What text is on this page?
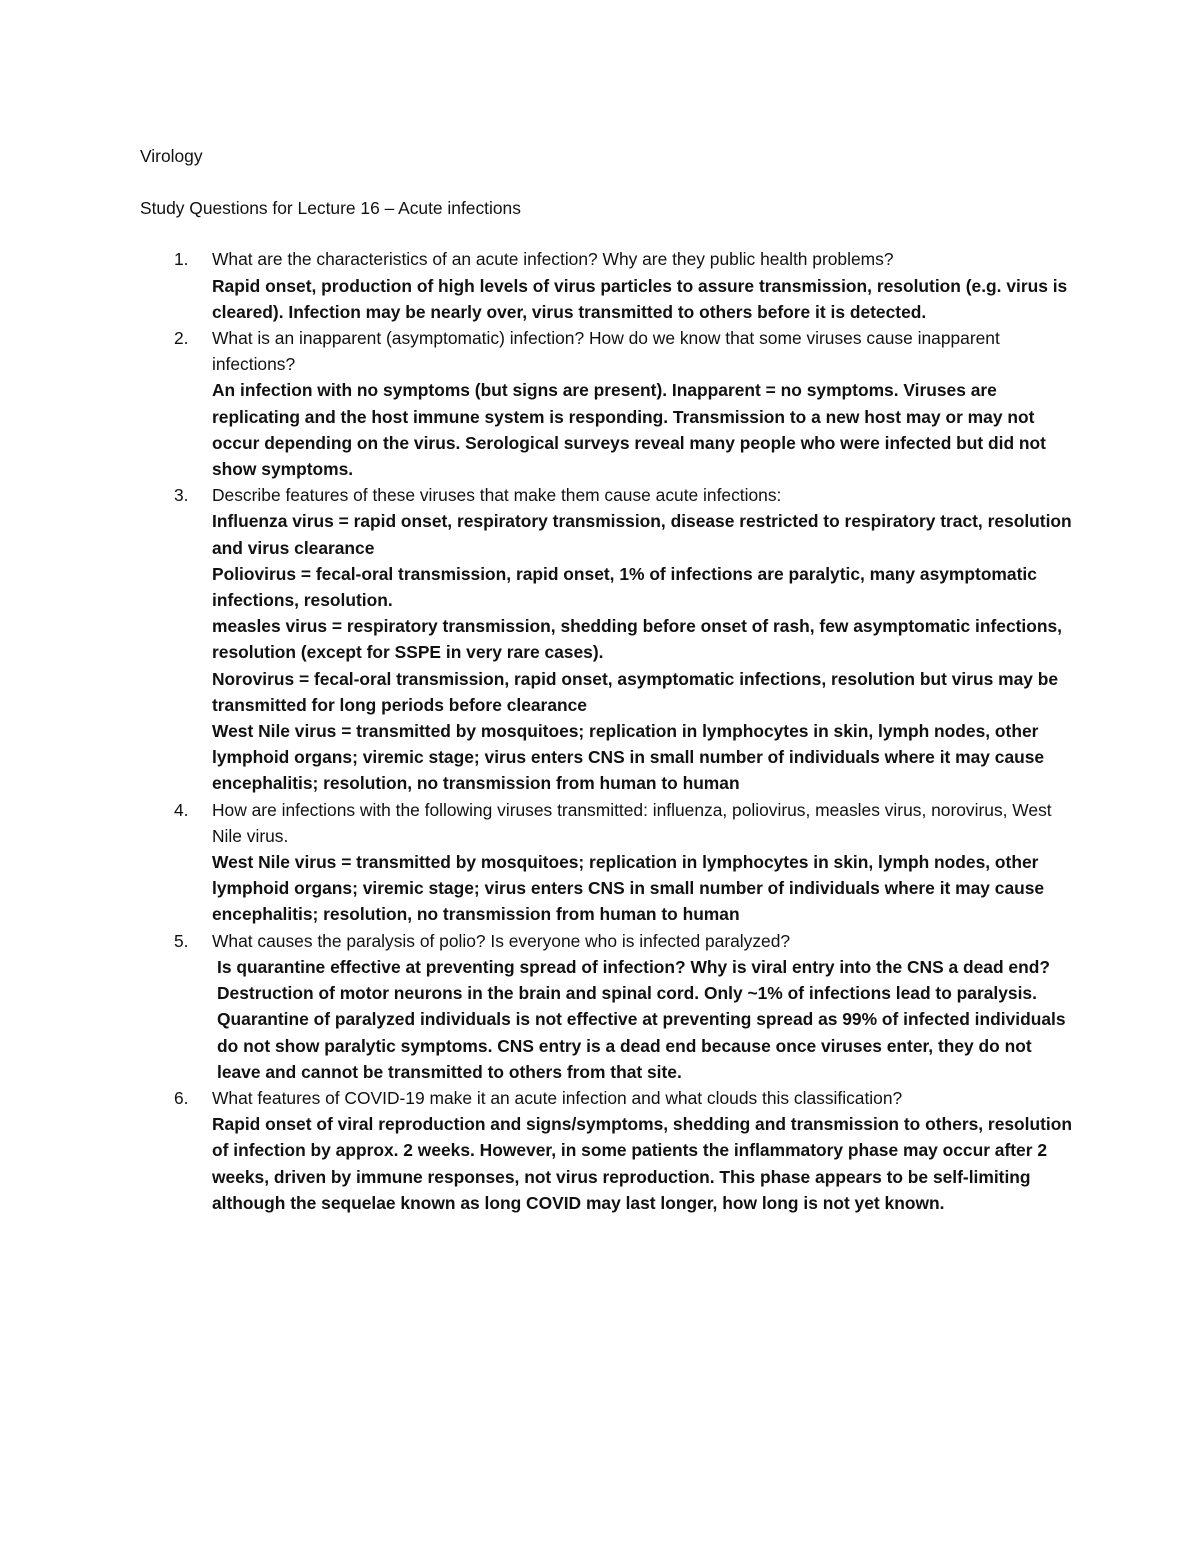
Virology
Study Questions for Lecture 16 – Acute infections
1. What are the characteristics of an acute infection? Why are they public health problems?
Rapid onset, production of high levels of virus particles to assure transmission, resolution (e.g. virus is cleared). Infection may be nearly over, virus transmitted to others before it is detected.
2. What is an inapparent (asymptomatic) infection? How do we know that some viruses cause inapparent infections?
An infection with no symptoms (but signs are present). Inapparent = no symptoms. Viruses are replicating and the host immune system is responding. Transmission to a new host may or may not occur depending on the virus. Serological surveys reveal many people who were infected but did not show symptoms.
3. Describe features of these viruses that make them cause acute infections:
Influenza virus = rapid onset, respiratory transmission, disease restricted to respiratory tract, resolution and virus clearance
Poliovirus = fecal-oral transmission, rapid onset, 1% of infections are paralytic, many asymptomatic infections, resolution.
measles virus = respiratory transmission, shedding before onset of rash, few asymptomatic infections, resolution (except for SSPE in very rare cases).
Norovirus = fecal-oral transmission, rapid onset, asymptomatic infections, resolution but virus may be transmitted for long periods before clearance
West Nile virus = transmitted by mosquitoes; replication in lymphocytes in skin, lymph nodes, other lymphoid organs; viremic stage; virus enters CNS in small number of individuals where it may cause encephalitis; resolution, no transmission from human to human
4. How are infections with the following viruses transmitted: influenza, poliovirus, measles virus, norovirus, West Nile virus.
West Nile virus = transmitted by mosquitoes; replication in lymphocytes in skin, lymph nodes, other lymphoid organs; viremic stage; virus enters CNS in small number of individuals where it may cause encephalitis; resolution, no transmission from human to human
5. What causes the paralysis of polio? Is everyone who is infected paralyzed?
Is quarantine effective at preventing spread of infection? Why is viral entry into the CNS a dead end? Destruction of motor neurons in the brain and spinal cord. Only ~1% of infections lead to paralysis. Quarantine of paralyzed individuals is not effective at preventing spread as 99% of infected individuals do not show paralytic symptoms. CNS entry is a dead end because once viruses enter, they do not leave and cannot be transmitted to others from that site.
6. What features of COVID-19 make it an acute infection and what clouds this classification?
Rapid onset of viral reproduction and signs/symptoms, shedding and transmission to others, resolution of infection by approx. 2 weeks. However, in some patients the inflammatory phase may occur after 2 weeks, driven by immune responses, not virus reproduction. This phase appears to be self-limiting although the sequelae known as long COVID may last longer, how long is not yet known.
